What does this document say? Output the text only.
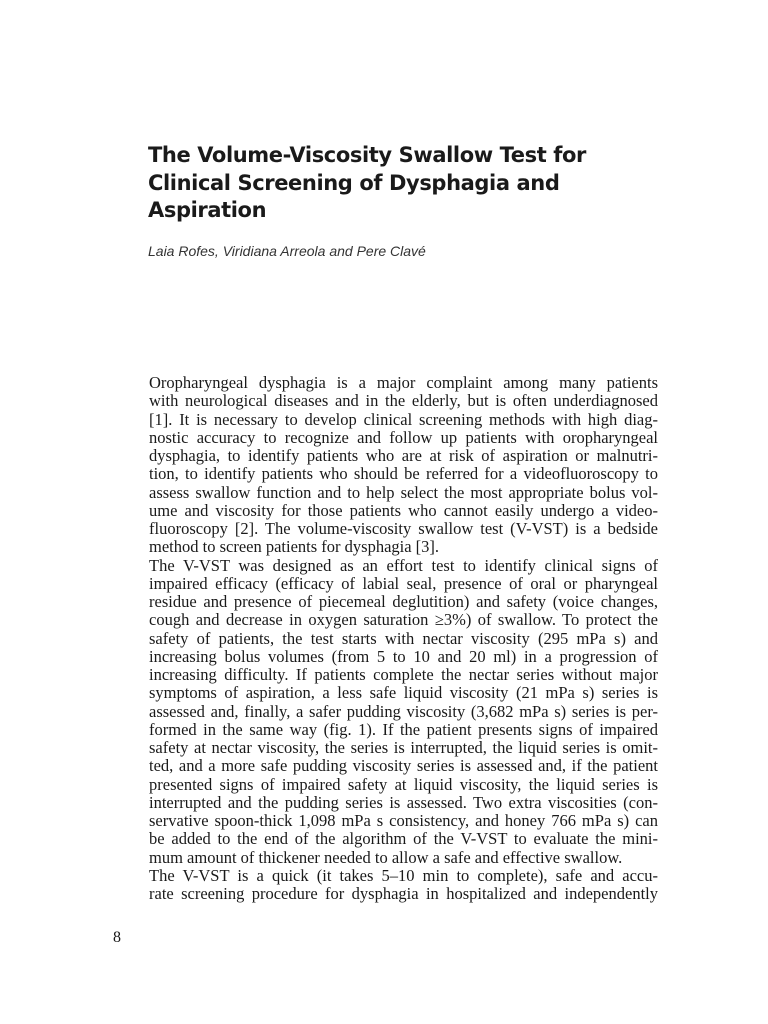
The Volume-Viscosity Swallow Test for
Clinical Screening of Dysphagia and
Aspiration

Laia Rofes, Viridiana Arreola and Pere Clavé

Oropharyngeal dysphagia is a major complaint among many patients
with neurological diseases and in the elderly, but is often underdiagnosed
[1]. It is necessary to develop clinical screening methods with high diag-
nostic accuracy to recognize and follow up patients with oropharyngeal
dysphagia, to identify patients who are at risk of aspiration or malnutri-
tion, to identify patients who should be referred for a videofluoroscopy to
assess swallow function and to help select the most appropriate bolus vol-
ume and viscosity for those patients who cannot easily undergo a video-
fluoroscopy [2]. The volume-viscosity swallow test (V-VST) is a bedside
method to screen patients for dysphagia [3].

The V-VST was designed as an effort test to identify clinical signs of
impaired efficacy (efficacy of labial seal, presence of oral or pharyngeal
residue and presence of piecemeal deglutition) and safety (voice changes,
cough and decrease in oxygen saturation ≥3%) of swallow. To protect the
safety of patients, the test starts with nectar viscosity (295 mPa s) and
increasing bolus volumes (from 5 to 10 and 20 ml) in a progression of
increasing difficulty. If patients complete the nectar series without major
symptoms of aspiration, a less safe liquid viscosity (21 mPa s) series is
assessed and, finally, a safer pudding viscosity (3,682 mPa s) series is per-
formed in the same way (fig. 1). If the patient presents signs of impaired
safety at nectar viscosity, the series is interrupted, the liquid series is omit-
ted, and a more safe pudding viscosity series is assessed and, if the patient
presented signs of impaired safety at liquid viscosity, the liquid series is
interrupted and the pudding series is assessed. Two extra viscosities (con-
servative spoon-thick 1,098 mPa s consistency, and honey 766 mPa s) can
be added to the end of the algorithm of the V-VST to evaluate the mini-
mum amount of thickener needed to allow a safe and effective swallow.

The V-VST is a quick (it takes 5–10 min to complete), safe and accu-
rate screening procedure for dysphagia in hospitalized and independently

8
